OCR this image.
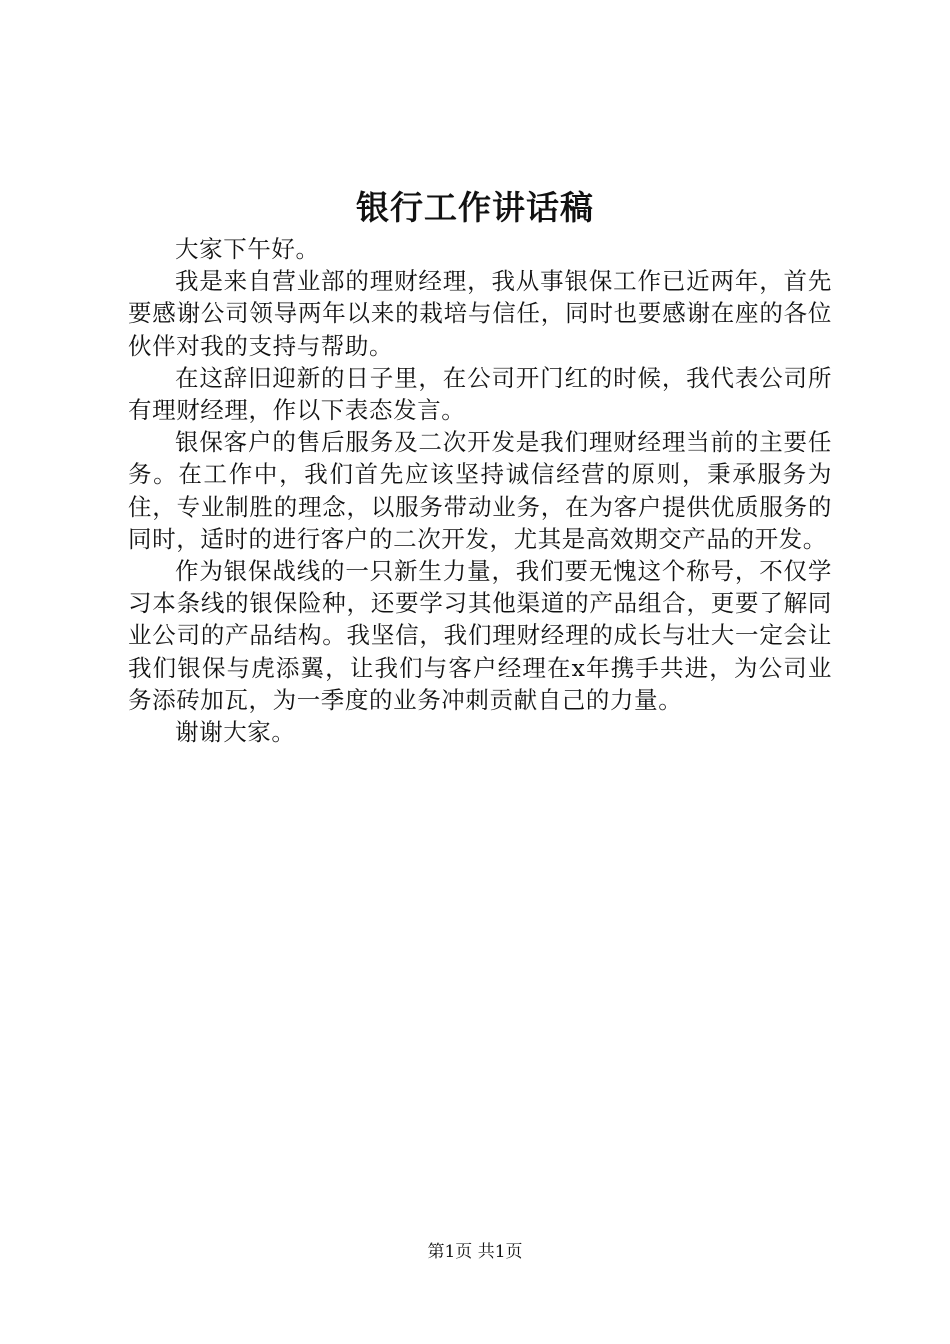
银行工作讲话稿

大家下午好。

我是来自营业部的理财经理，我从事银保工作已近两年，首先要感谢公司领导两年以来的栽培与信任，同时也要感谢在座的各位伙伴对我的支持与帮助。

在这辞旧迎新的日子里，在公司开门红的时候，我代表公司所有理财经理，作以下表态发言。

银保客户的售后服务及二次开发是我们理财经理当前的主要任务。在工作中，我们首先应该坚持诚信经营的原则，秉承服务为住，专业制胜的理念，以服务带动业务，在为客户提供优质服务的同时，适时的进行客户的二次开发，尤其是高效期交产品的开发。

作为银保战线的一只新生力量，我们要无愧这个称号，不仅学习本条线的银保险种，还要学习其他渠道的产品组合，更要了解同业公司的产品结构。我坚信，我们理财经理的成长与壮大一定会让我们银保与虎添翼，让我们与客户经理在x年携手共进，为公司业务添砖加瓦，为一季度的业务冲刺贡献自己的力量。

谢谢大家。

第1页 共1页
